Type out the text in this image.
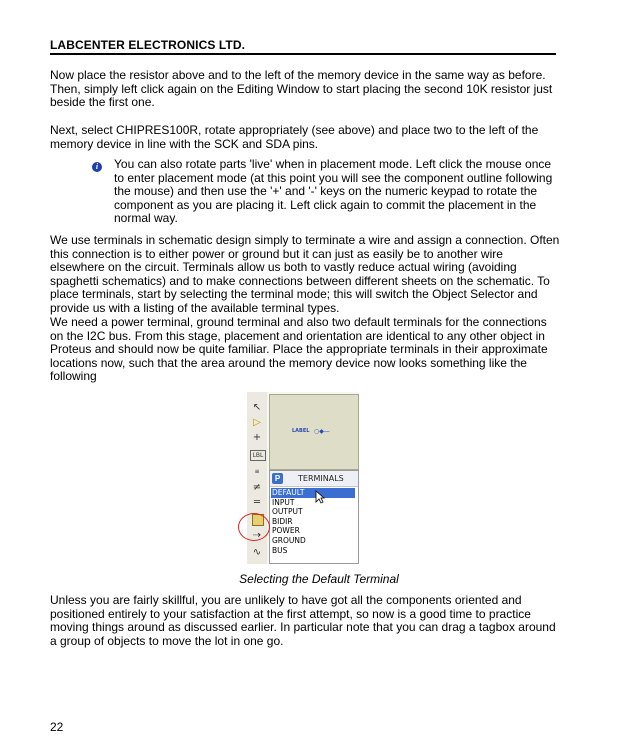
LABCENTER ELECTRONICS LTD.

Now place the resistor above and to the left of the memory device in the same way as before. Then, simply left click again on the Editing Window to start placing the second 10K resistor just beside the first one.

Next, select CHIPRES100R, rotate appropriately (see above) and place two to the left of the memory device in line with the SCK and SDA pins.

i	You can also rotate parts 'live' when in placement mode. Left click the mouse once to enter placement mode (at this point you will see the component outline following the mouse) and then use the '+' and '-' keys on the numeric keypad to rotate the component as you are placing it. Left click again to commit the placement in the normal way.

We use terminals in schematic design simply to terminate a wire and assign a connection. Often this connection is to either power or ground but it can just as easily be to another wire elsewhere on the circuit. Terminals allow us both to vastly reduce actual wiring (avoiding spaghetti schematics) and to make connections between different sheets on the schematic. To place terminals, start by selecting the terminal mode; this will switch the Object Selector and provide us with a listing of the available terminal types.

We need a power terminal, ground terminal and also two default terminals for the connections on the I2C bus. From this stage, placement and orientation are identical to any other object in Proteus and should now be quite familiar. Place the appropriate terminals in their approximate locations now, such that the area around the memory device now looks something like the following

↖
▷
+
LBL
≡
≠
═
⇢
∿
LABEL ○◆—
P	TERMINALS
DEFAULT
INPUT
OUTPUT
BIDIR
POWER
GROUND
BUS
Selecting the Default Terminal

Unless you are fairly skillful, you are unlikely to have got all the components oriented and positioned entirely to your satisfaction at the first attempt, so now is a good time to practice moving things around as discussed earlier. In particular note that you can drag a tagbox around a group of objects to move the lot in one go.

22
